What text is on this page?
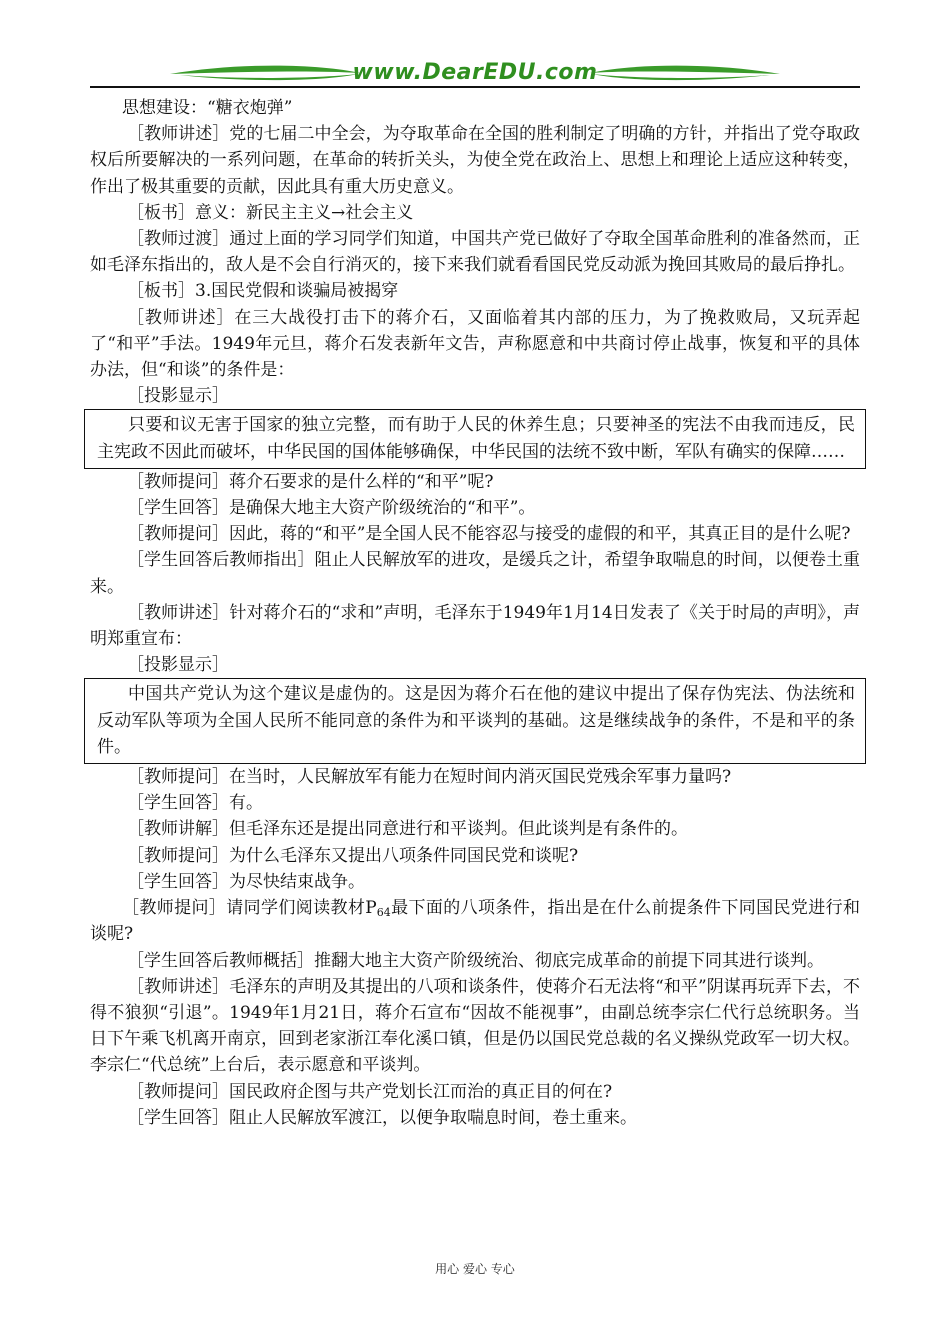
www.DearEDU.com

思想建设：“糖衣炮弹”

［教师讲述］党的七届二中全会，为夺取革命在全国的胜利制定了明确的方针，并指出了党夺取政权后所要解决的一系列问题，在革命的转折关头，为使全党在政治上、思想上和理论上适应这种转变，作出了极其重要的贡献，因此具有重大历史意义。

［板书］意义：新民主主义→社会主义

［教师过渡］通过上面的学习同学们知道，中国共产党已做好了夺取全国革命胜利的准备然而，正如毛泽东指出的，敌人是不会自行消灭的，接下来我们就看看国民党反动派为挽回其败局的最后挣扎。

［板书］3.国民党假和谈骗局被揭穿

［教师讲述］在三大战役打击下的蒋介石，又面临着其内部的压力，为了挽救败局，又玩弄起了“和平”手法。1949年元旦，蒋介石发表新年文告，声称愿意和中共商讨停止战事，恢复和平的具体办法，但“和谈”的条件是：

［投影显示］

只要和议无害于国家的独立完整，而有助于人民的休养生息；只要神圣的宪法不由我而违反，民主宪政不因此而破坏，中华民国的国体能够确保，中华民国的法统不致中断，军队有确实的保障……

［教师提问］蒋介石要求的是什么样的“和平”呢?

［学生回答］是确保大地主大资产阶级统治的“和平”。

［教师提问］因此，蒋的“和平”是全国人民不能容忍与接受的虚假的和平，其真正目的是什么呢?

［学生回答后教师指出］阻止人民解放军的进攻，是缓兵之计，希望争取喘息的时间，以便卷土重来。

［教师讲述］针对蒋介石的“求和”声明，毛泽东于1949年1月14日发表了《关于时局的声明》，声明郑重宣布：

［投影显示］

中国共产党认为这个建议是虚伪的。这是因为蒋介石在他的建议中提出了保存伪宪法、伪法统和反动军队等项为全国人民所不能同意的条件为和平谈判的基础。这是继续战争的条件，不是和平的条件。

［教师提问］在当时，人民解放军有能力在短时间内消灭国民党残余军事力量吗?

［学生回答］有。

［教师讲解］但毛泽东还是提出同意进行和平谈判。但此谈判是有条件的。

［教师提问］为什么毛泽东又提出八项条件同国民党和谈呢?

［学生回答］为尽快结束战争。

［教师提问］请同学们阅读教材$P_{64}$最下面的八项条件，指出是在什么前提条件下同国民党进行和谈呢?

［学生回答后教师概括］推翻大地主大资产阶级统治、彻底完成革命的前提下同其进行谈判。

［教师讲述］毛泽东的声明及其提出的八项和谈条件，使蒋介石无法将“和平”阴谋再玩弄下去，不得不狼狈“引退”。1949年1月21日，蒋介石宣布“因故不能视事”，由副总统李宗仁代行总统职务。当日下午乘飞机离开南京，回到老家浙江奉化溪口镇，但是仍以国民党总裁的名义操纵党政军一切大权。李宗仁“代总统”上台后，表示愿意和平谈判。

［教师提问］国民政府企图与共产党划长江而治的真正目的何在?

［学生回答］阻止人民解放军渡江，以便争取喘息时间，卷土重来。

用心 爱心 专心
